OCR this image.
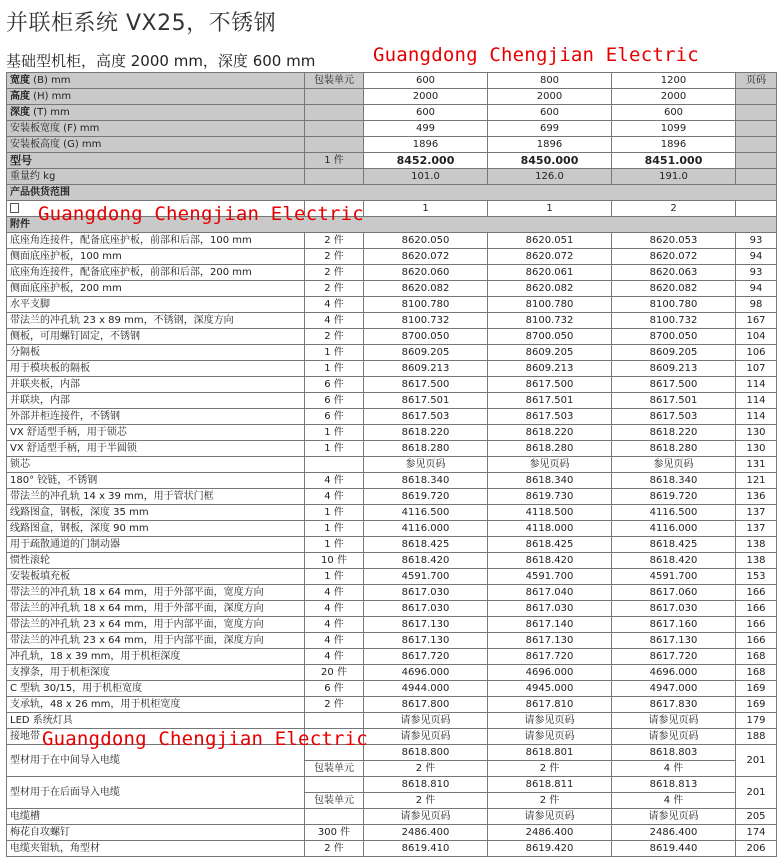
并联柜系统 VX25，不锈钢
基础型机柜，高度 2000 mm，深度 600 mm	Guangdong Chengjian Electric
宽度 (B) mm	包装单元	600	800	1200	页码
高度 (H) mm		2000	2000	2000	
深度 (T) mm		600	600	600	
安装板宽度 (F) mm		499	699	1099	
安装板高度 (G) mm		1896	1896	1896	
型号	1 件	8452.000	8450.000	8451.000	
重量约 kg		101.0	126.0	191.0	
产品供货范围					
		1	1	2	
附件					
底座角连接件，配备底座护板，前部和后部，100 mm	2 件	8620.050	8620.051	8620.053	93
侧面底座护板，100 mm	2 件	8620.072	8620.072	8620.072	94
底座角连接件，配备底座护板，前部和后部，200 mm	2 件	8620.060	8620.061	8620.063	93
侧面底座护板，200 mm	2 件	8620.082	8620.082	8620.082	94
水平支脚	4 件	8100.780	8100.780	8100.780	98
带法兰的冲孔轨 23 x 89 mm，不锈钢，深度方向	4 件	8100.732	8100.732	8100.732	167
侧板，可用螺钉固定，不锈钢	2 件	8700.050	8700.050	8700.050	104
分隔板	1 件	8609.205	8609.205	8609.205	106
用于模块板的隔板	1 件	8609.213	8609.213	8609.213	107
并联夹板，内部	6 件	8617.500	8617.500	8617.500	114
并联块，内部	6 件	8617.501	8617.501	8617.501	114
外部并柜连接件，不锈钢	6 件	8617.503	8617.503	8617.503	114
VX 舒适型手柄，用于锁芯	1 件	8618.220	8618.220	8618.220	130
VX 舒适型手柄，用于半圆锁	1 件	8618.280	8618.280	8618.280	130
锁芯		参见页码	参见页码	参见页码	131
180° 铰链，不锈钢	4 件	8618.340	8618.340	8618.340	121
带法兰的冲孔轨 14 x 39 mm，用于管状门框	4 件	8619.720	8619.730	8619.720	136
线路图盒，钢板，深度 35 mm	1 件	4116.500	4118.500	4116.500	137
线路图盒，钢板，深度 90 mm	1 件	4116.000	4118.000	4116.000	137
用于疏散通道的门制动器	1 件	8618.425	8618.425	8618.425	138
惯性滚轮	10 件	8618.420	8618.420	8618.420	138
安装板填充板	1 件	4591.700	4591.700	4591.700	153
带法兰的冲孔轨 18 x 64 mm，用于外部平面，宽度方向	4 件	8617.030	8617.040	8617.060	166
带法兰的冲孔轨 18 x 64 mm，用于外部平面，深度方向	4 件	8617.030	8617.030	8617.030	166
带法兰的冲孔轨 23 x 64 mm，用于内部平面，宽度方向	4 件	8617.130	8617.140	8617.160	166
带法兰的冲孔轨 23 x 64 mm，用于内部平面，深度方向	4 件	8617.130	8617.130	8617.130	166
冲孔轨，18 x 39 mm，用于机柜深度	4 件	8617.720	8617.720	8617.720	168
支撑条，用于机柜深度	20 件	4696.000	4696.000	4696.000	168
C 型轨 30/15，用于机柜宽度	6 件	4944.000	4945.000	4947.000	169
支承轨，48 x 26 mm，用于机柜宽度	2 件	8617.800	8617.810	8617.830	169
LED 系统灯具		请参见页码	请参见页码	请参见页码	179
接地带		请参见页码	请参见页码	请参见页码	188
型材用于在中间导入电缆		8618.800	8618.801	8618.803	201
	包装单元	2 件	2 件	4 件	
型材用于在后面导入电缆		8618.810	8618.811	8618.813	201
	包装单元	2 件	2 件	4 件	
电缆槽		请参见页码	请参见页码	请参见页码	205
梅花自攻螺钉	300 件	2486.400	2486.400	2486.400	174
电缆夹钳轨，角型材	2 件	8619.410	8619.420	8619.440	206
Guangdong Chengjian Electric
Guangdong Chengjian Electric
